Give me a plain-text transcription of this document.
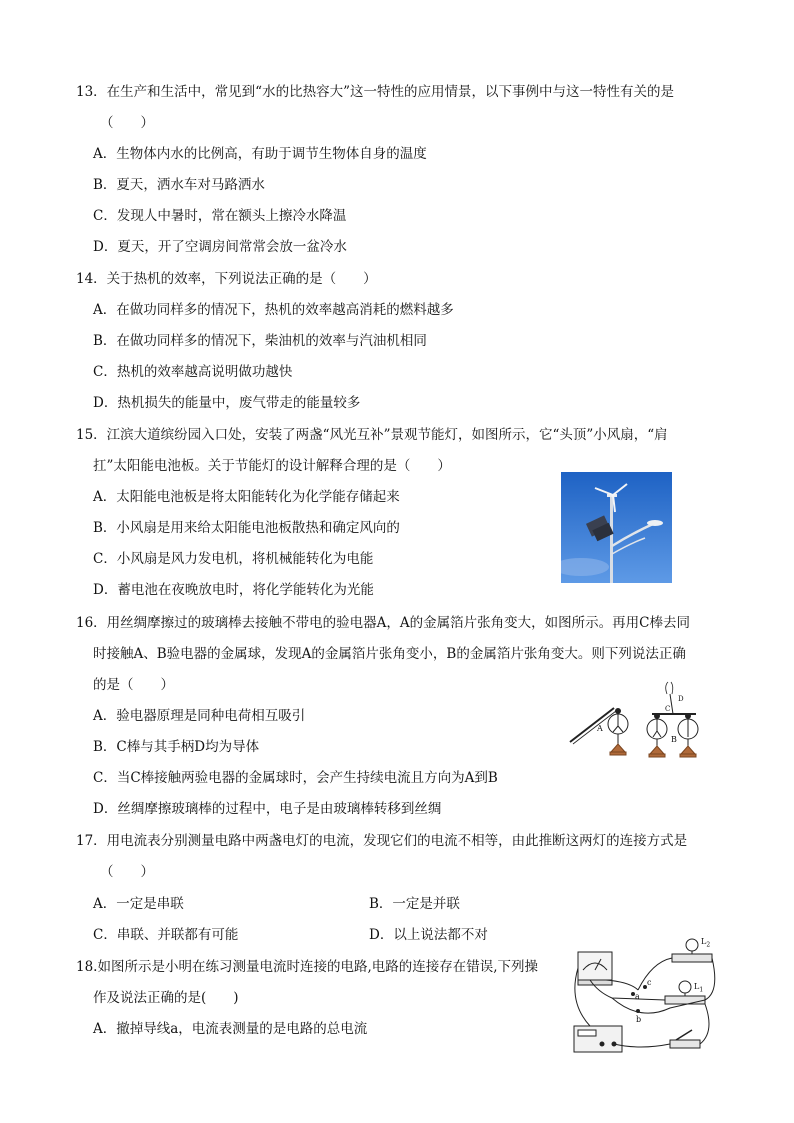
13．在生产和生活中，常见到“水的比热容大”这一特性的应用情景，以下事例中与这一特性有关的是
（　　）
A．生物体内水的比例高，有助于调节生物体自身的温度
B．夏天，洒水车对马路洒水
C．发现人中暑时，常在额头上擦冷水降温
D．夏天，开了空调房间常常会放一盆冷水
14．关于热机的效率，下列说法正确的是（　　）
A．在做功同样多的情况下，热机的效率越高消耗的燃料越多
B．在做功同样多的情况下，柴油机的效率与汽油机相同
C．热机的效率越高说明做功越快
D．热机损失的能量中，废气带走的能量较多
15．江滨大道缤纷园入口处，安装了两盏“风光互补”景观节能灯，如图所示，它“头顶”小风扇，“肩
扛”太阳能电池板。关于节能灯的设计解释合理的是（　　）
A．太阳能电池板是将太阳能转化为化学能存储起来
B．小风扇是用来给太阳能电池板散热和确定风向的
C．小风扇是风力发电机，将机械能转化为电能
D．蓄电池在夜晚放电时，将化学能转化为光能
16．用丝绸摩擦过的玻璃棒去接触不带电的验电器A，A的金属箔片张角变大，如图所示。再用C棒去同
时接触A、B验电器的金属球，发现A的金属箔片张角变小，B的金属箔片张角变大。则下列说法正确
的是（　　）
A．验电器原理是同种电荷相互吸引
B．C棒与其手柄D均为导体
C．当C棒接触两验电器的金属球时，会产生持续电流且方向为A到B
D．丝绸摩擦玻璃棒的过程中，电子是由玻璃棒转移到丝绸
A
B
C
D
17．用电流表分别测量电路中两盏电灯的电流，发现它们的电流不相等，由此推断这两灯的连接方式是
（　　）
A．一定是串联	B．一定是并联
C．串联、并联都有可能	D．以上说法都不对
18.如图所示是小明在练习测量电流时连接的电路,电路的连接存在错误,下列操
作及说法正确的是(　　)
A．撤掉导线a，电流表测量的是电路的总电流
a
b
c
$L_2$
$L_1$
